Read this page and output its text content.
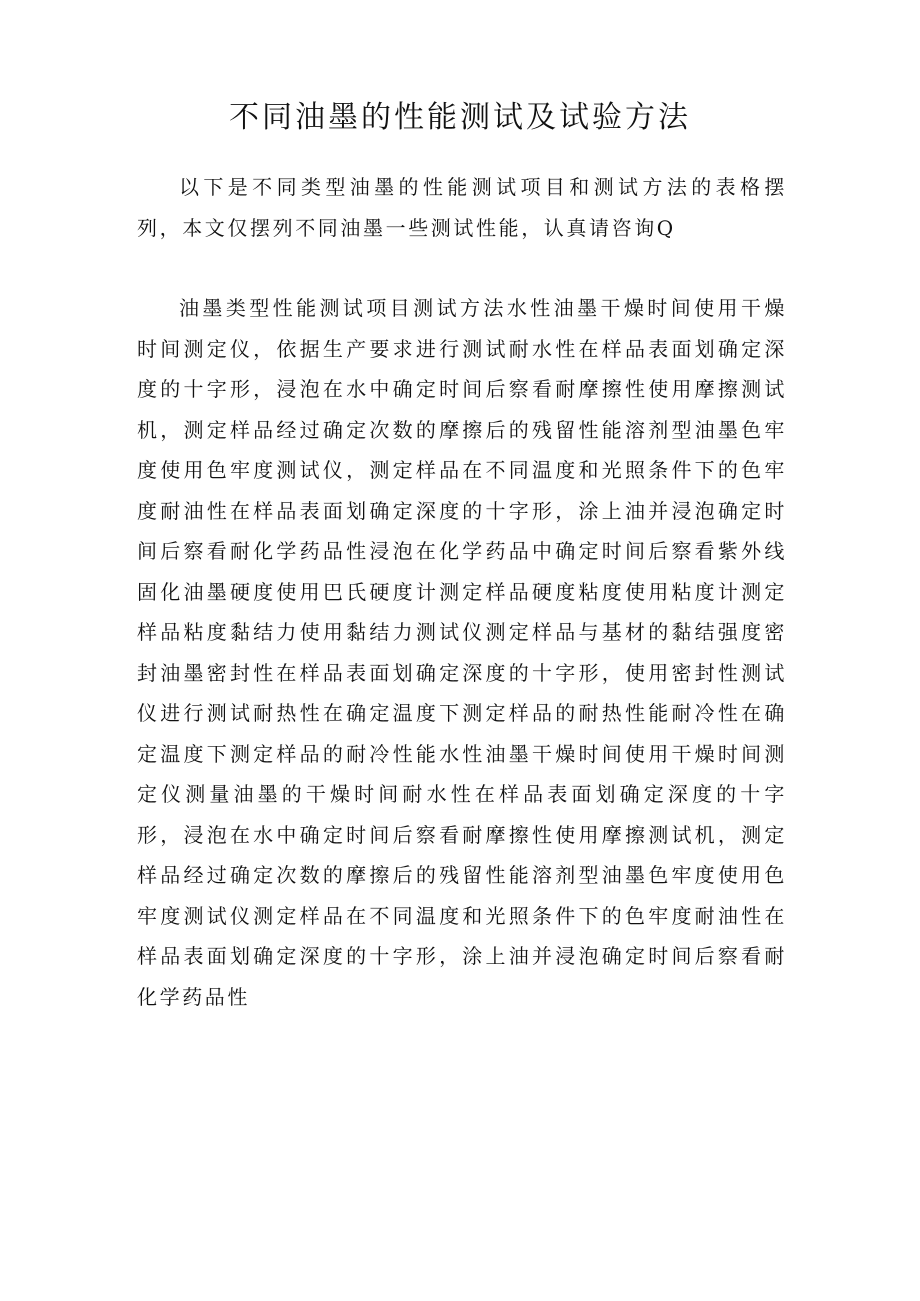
不同油墨的性能测试及试验方法

以下是不同类型油墨的性能测试项目和测试方法的表格摆列，本文仅摆列不同油墨一些测试性能，认真请咨询Q

油墨类型性能测试项目测试方法水性油墨干燥时间使用干燥时间测定仪，依据生产要求进行测试耐水性在样品表面划确定深度的十字形，浸泡在水中确定时间后察看耐摩擦性使用摩擦测试机，测定样品经过确定次数的摩擦后的残留性能溶剂型油墨色牢度使用色牢度测试仪，测定样品在不同温度和光照条件下的色牢度耐油性在样品表面划确定深度的十字形，涂上油并浸泡确定时间后察看耐化学药品性浸泡在化学药品中确定时间后察看紫外线固化油墨硬度使用巴氏硬度计测定样品硬度粘度使用粘度计测定样品粘度黏结力使用黏结力测试仪测定样品与基材的黏结强度密封油墨密封性在样品表面划确定深度的十字形，使用密封性测试仪进行测试耐热性在确定温度下测定样品的耐热性能耐冷性在确定温度下测定样品的耐冷性能水性油墨干燥时间使用干燥时间测定仪测量油墨的干燥时间耐水性在样品表面划确定深度的十字形，浸泡在水中确定时间后察看耐摩擦性使用摩擦测试机，测定样品经过确定次数的摩擦后的残留性能溶剂型油墨色牢度使用色牢度测试仪测定样品在不同温度和光照条件下的色牢度耐油性在样品表面划确定深度的十字形，涂上油并浸泡确定时间后察看耐化学药品性
